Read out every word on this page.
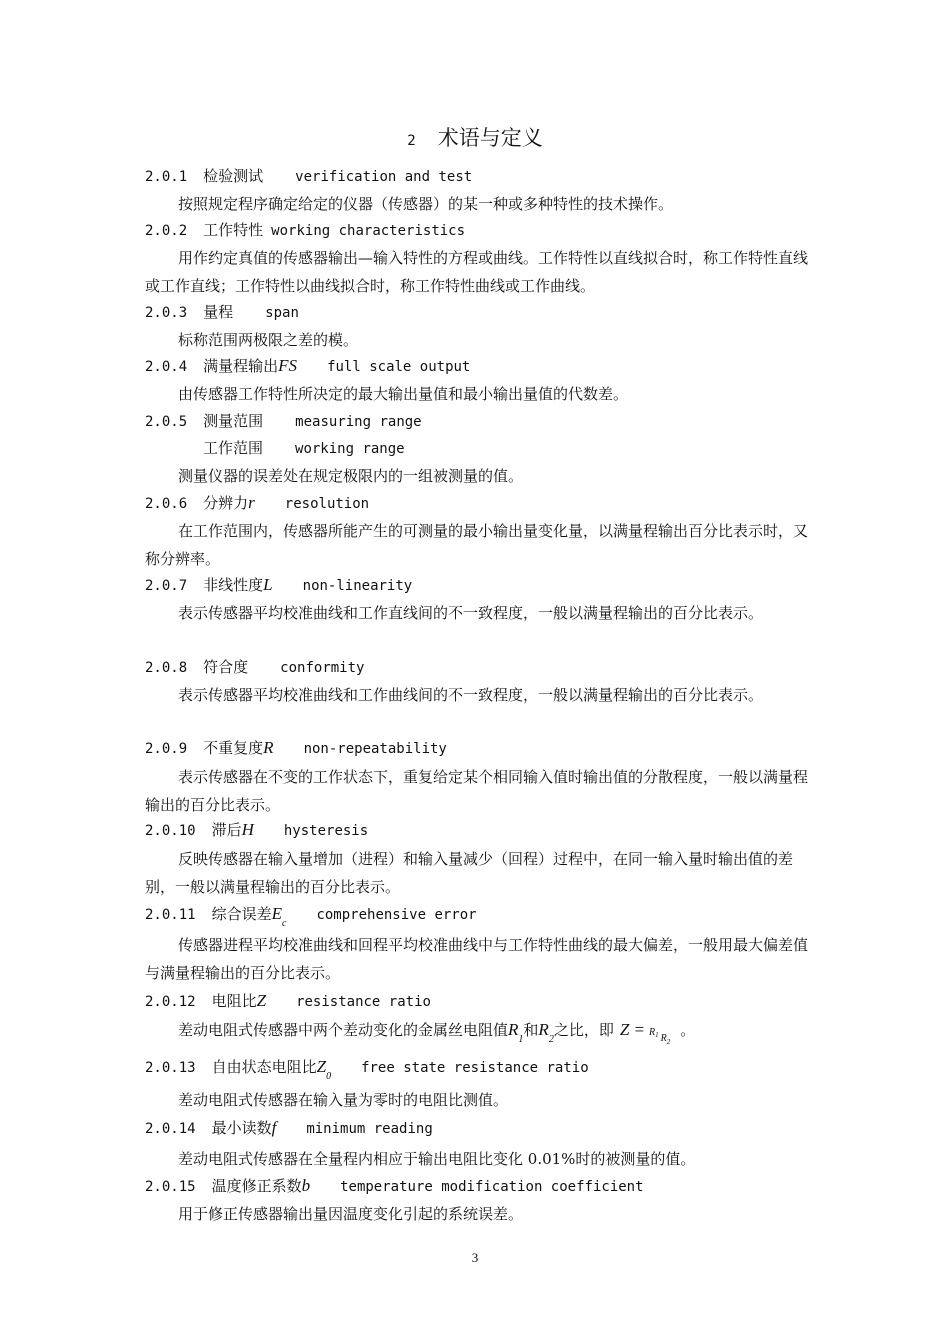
2 术语与定义
2.0.1 检验测试 verification and test
按照规定程序确定给定的仪器（传感器）的某一种或多种特性的技术操作。
2.0.2 工作特性 working characteristics
用作约定真值的传感器输出—输入特性的方程或曲线。工作特性以直线拟合时，称工作特性直线或工作直线；工作特性以曲线拟合时，称工作特性曲线或工作曲线。
2.0.3 量程 span
标称范围两极限之差的模。
2.0.4 满量程输出FS full scale output
由传感器工作特性所决定的最大输出量值和最小输出量值的代数差。
2.0.5 测量范围 measuring range
工作范围 working range
测量仪器的误差处在规定极限内的一组被测量的值。
2.0.6 分辨力r resolution
在工作范围内，传感器所能产生的可测量的最小输出量变化量，以满量程输出百分比表示时，又称分辨率。
2.0.7 非线性度L non-linearity
表示传感器平均校准曲线和工作直线间的不一致程度，一般以满量程输出的百分比表示。
2.0.8 符合度 conformity
表示传感器平均校准曲线和工作曲线间的不一致程度，一般以满量程输出的百分比表示。
2.0.9 不重复度R non-repeatability
表示传感器在不变的工作状态下，重复给定某个相同输入值时输出值的分散程度，一般以满量程输出的百分比表示。
2.0.10 滞后H hysteresis
反映传感器在输入量增加（进程）和输入量减少（回程）过程中，在同一输入量时输出值的差别，一般以满量程输出的百分比表示。
2.0.11 综合误差$E_ccomprehensive$ error
传感器进程平均校准曲线和回程平均校准曲线中与工作特性曲线的最大偏差，一般用最大偏差值与满量程输出的百分比表示。
2.0.12 电阻比Z resistance ratio
差动电阻式传感器中两个差动变化的金属丝电阻值$R_1$和$R_2$之比，即 Z = R1 $_{R2}$。
2.0.13 自由状态电阻比$Z_0free$ state resistance ratio
差动电阻式传感器在输入量为零时的电阻比测值。
2.0.14 最小读数f minimum reading
差动电阻式传感器在全量程内相应于输出电阻比变化 0.01%时的被测量的值。
2.0.15 温度修正系数b temperature modification coefficient
用于修正传感器输出量因温度变化引起的系统误差。
3
